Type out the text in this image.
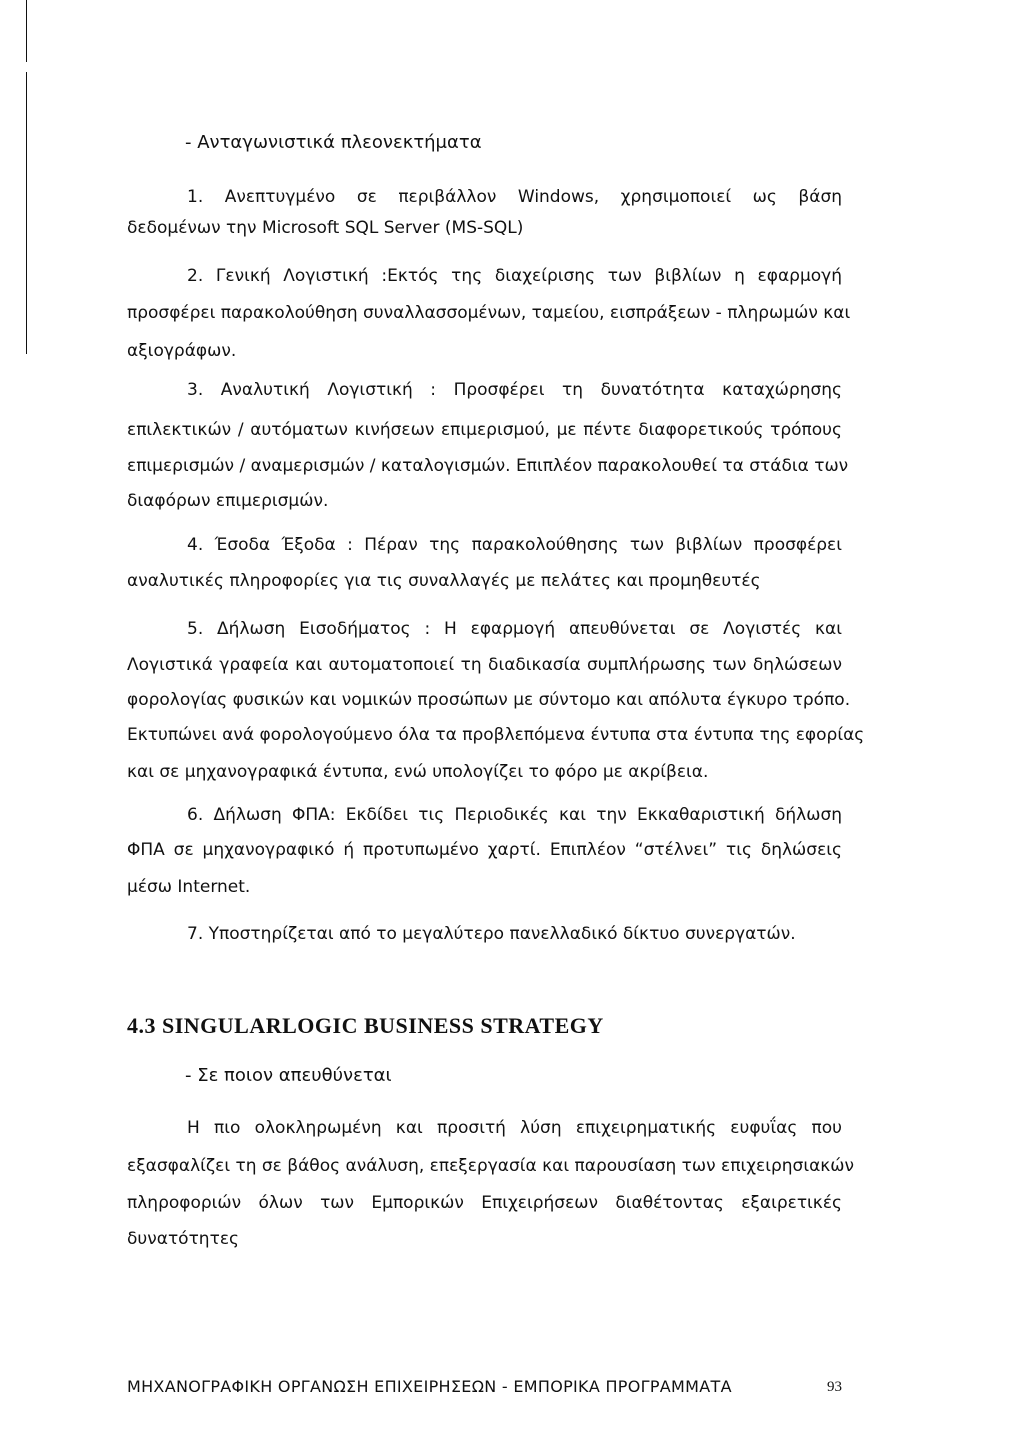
- Ανταγωνιστικά πλεονεκτήματα
1. Ανεπτυγμένο σε περιβάλλον Windows, χρησιμοποιεί ως βάση
δεδομένων την Microsoft SQL Server (MS-SQL)
2. Γενική Λογιστική :Εκτός της διαχείρισης των βιβλίων η εφαρμογή
προσφέρει παρακολούθηση συναλλασσομένων, ταμείου, εισπράξεων - πληρωμών και
αξιογράφων.
3. Αναλυτική Λογιστική : Προσφέρει τη δυνατότητα καταχώρησης
επιλεκτικών / αυτόματων κινήσεων επιμερισμού, με πέντε διαφορετικούς τρόπους
επιμερισμών / αναμερισμών / καταλογισμών. Επιπλέον παρακολουθεί τα στάδια των
διαφόρων επιμερισμών.
4. Έσοδα Έξοδα : Πέραν της παρακολούθησης των βιβλίων προσφέρει
αναλυτικές πληροφορίες για τις συναλλαγές με πελάτες και προμηθευτές
5. Δήλωση Εισοδήματος : Η εφαρμογή απευθύνεται σε Λογιστές και
Λογιστικά γραφεία και αυτοματοποιεί τη διαδικασία συμπλήρωσης των δηλώσεων
φορολογίας φυσικών και νομικών προσώπων με σύντομο και απόλυτα έγκυρο τρόπο.
Εκτυπώνει ανά φορολογούμενο όλα τα προβλεπόμενα έντυπα στα έντυπα της εφορίας
και σε μηχανογραφικά έντυπα, ενώ υπολογίζει το φόρο με ακρίβεια.
6. Δήλωση ΦΠΑ: Εκδίδει τις Περιοδικές και την Εκκαθαριστική δήλωση
ΦΠΑ σε μηχανογραφικό ή προτυπωμένο χαρτί. Επιπλέον “στέλνει” τις δηλώσεις
μέσω Internet.
7. Υποστηρίζεται από το μεγαλύτερο πανελλαδικό δίκτυο συνεργατών.
4.3 SINGULARLOGIC BUSINESS STRATEGY
- Σε ποιον απευθύνεται
Η πιο ολοκληρωμένη και προσιτή λύση επιχειρηματικής ευφυΐας που
εξασφαλίζει τη σε βάθος ανάλυση, επεξεργασία και παρουσίαση των επιχειρησιακών
πληροφοριών όλων των Εμπορικών Επιχειρήσεων διαθέτοντας εξαιρετικές
δυνατότητες
ΜΗΧΑΝΟΓΡΑΦΙΚΗ ΟΡΓΑΝΩΣΗ ΕΠΙΧΕΙΡΗΣΕΩΝ - ΕΜΠΟΡΙΚΑ ΠΡΟΓΡΑΜΜΑΤΑ	93
